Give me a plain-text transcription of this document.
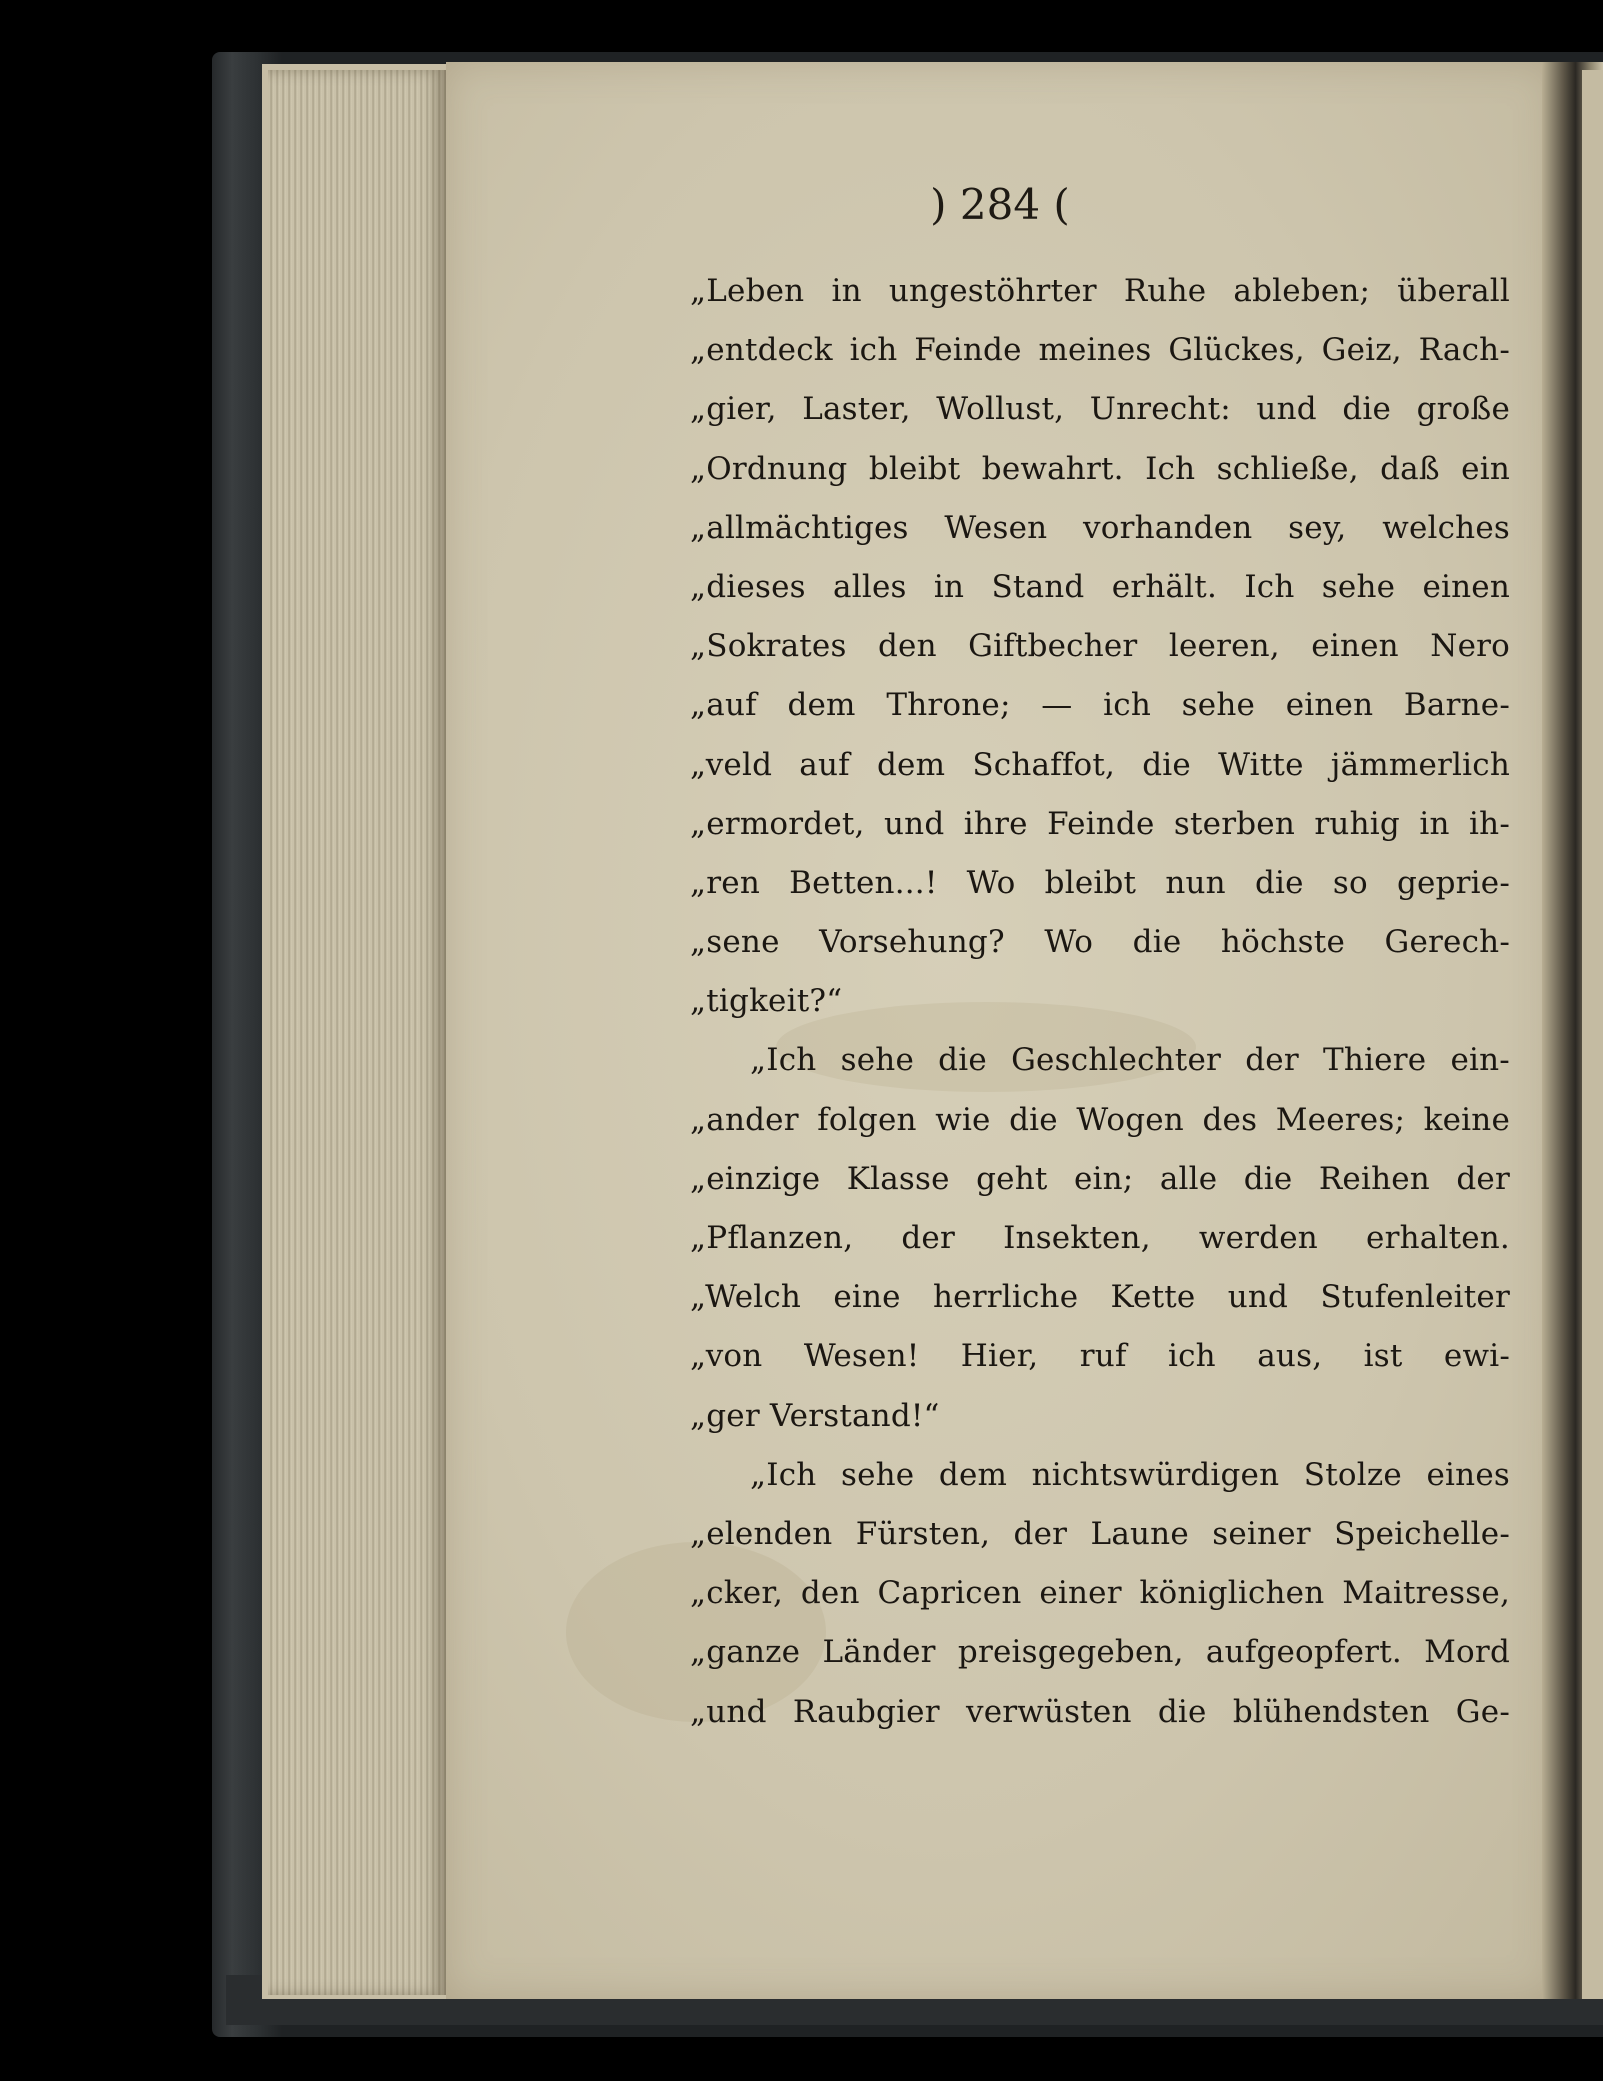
) 284 (
„Leben in ungestöhrter Ruhe ableben; überall
„entdeck ich Feinde meines Glückes, Geiz, Rach-
„gier, Laster, Wollust, Unrecht: und die große
„Ordnung bleibt bewahrt. Ich schließe, daß ein
„allmächtiges Wesen vorhanden sey, welches
„dieses alles in Stand erhält. Ich sehe einen
„Sokrates den Giftbecher leeren, einen Nero
„auf dem Throne; — ich sehe einen Barne-
„veld auf dem Schaffot, die Witte jämmerlich
„ermordet, und ihre Feinde sterben ruhig in ih-
„ren Betten...! Wo bleibt nun die so geprie-
„sene Vorsehung? Wo die höchste Gerech-
„tigkeit?“
„Ich sehe die Geschlechter der Thiere ein-
„ander folgen wie die Wogen des Meeres; keine
„einzige Klasse geht ein; alle die Reihen der
„Pflanzen, der Insekten, werden erhalten.
„Welch eine herrliche Kette und Stufenleiter
„von Wesen! Hier, ruf ich aus, ist ewi-
„ger Verstand!“
„Ich sehe dem nichtswürdigen Stolze eines
„elenden Fürsten, der Laune seiner Speichelle-
„cker, den Capricen einer königlichen Maitresse,
„ganze Länder preisgegeben, aufgeopfert. Mord
„und Raubgier verwüsten die blühendsten Ge-
